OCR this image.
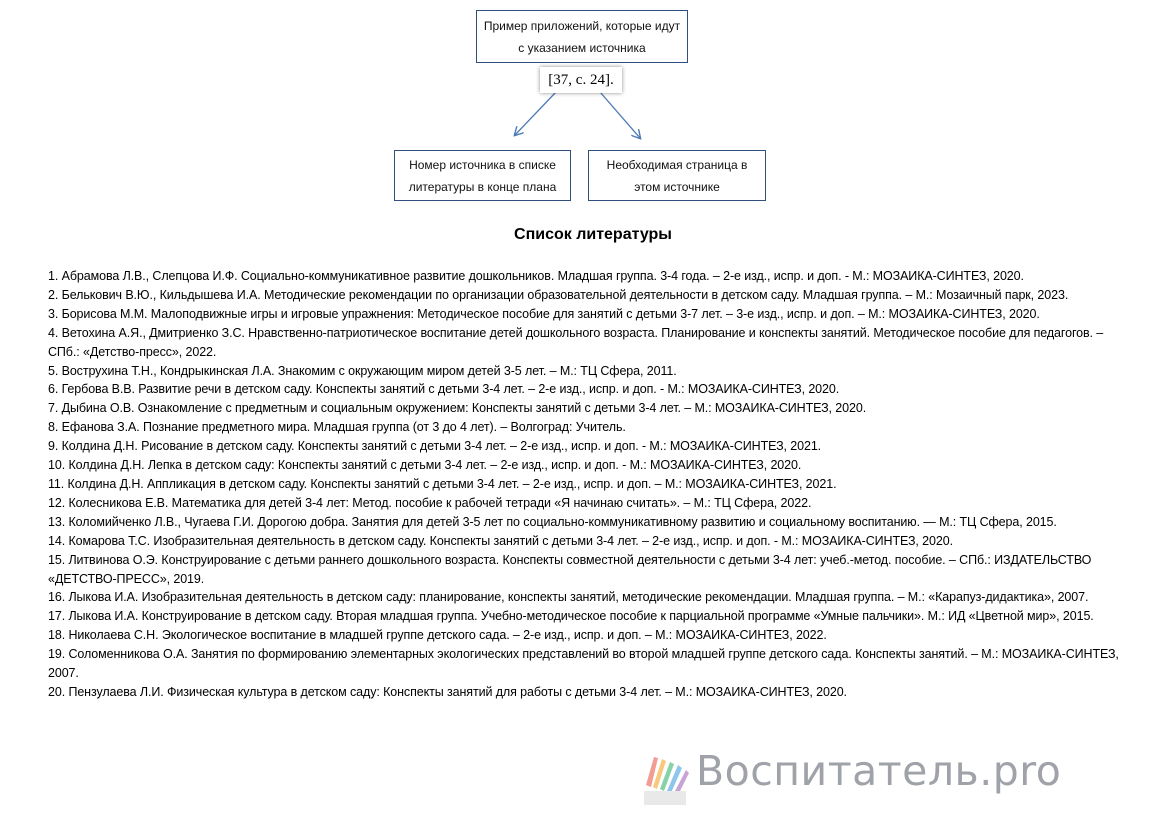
Пример приложений, которые идут с указанием источника
[37, с. 24].
Номер источника в списке литературы в конце плана
Необходимая страница в этом источнике
Список литературы

1. Абрамова Л.В., Слепцова И.Ф. Социально-коммуникативное развитие дошкольников. Младшая группа. 3-4 года. – 2-е изд., испр. и доп. - М.: МОЗАИКА-СИНТЕЗ, 2020.

2. Белькович В.Ю., Кильдышева И.А. Методические рекомендации по организации образовательной деятельности в детском саду. Младшая группа. – М.: Мозаичный парк, 2023.

3. Борисова М.М. Малоподвижные игры и игровые упражнения: Методическое пособие для занятий с детьми 3-7 лет. – 3-е изд., испр. и доп. – М.: МОЗАИКА-СИНТЕЗ, 2020.

4. Ветохина А.Я., Дмитриенко З.С. Нравственно-патриотическое воспитание детей дошкольного возраста. Планирование и конспекты занятий. Методическое пособие для педагогов. – СПб.: «Детство-пресс», 2022.

5. Вострухина Т.Н., Кондрыкинская Л.А. Знакомим с окружающим миром детей 3-5 лет. – М.: ТЦ Сфера, 2011.

6. Гербова В.В. Развитие речи в детском саду. Конспекты занятий с детьми 3-4 лет. – 2-е изд., испр. и доп. - М.: МОЗАИКА-СИНТЕЗ, 2020.

7. Дыбина О.В. Ознакомление с предметным и социальным окружением: Конспекты занятий с детьми 3-4 лет. – М.: МОЗАИКА-СИНТЕЗ, 2020.

8. Ефанова З.А. Познание предметного мира. Младшая группа (от 3 до 4 лет). – Волгоград: Учитель.

9. Колдина Д.Н. Рисование в детском саду. Конспекты занятий с детьми 3-4 лет. – 2-е изд., испр. и доп. - М.: МОЗАИКА-СИНТЕЗ, 2021.

10. Колдина Д.Н. Лепка в детском саду: Конспекты занятий с детьми 3-4 лет. – 2-е изд., испр. и доп. - М.: МОЗАИКА-СИНТЕЗ, 2020.

11. Колдина Д.Н. Аппликация в детском саду. Конспекты занятий с детьми 3-4 лет. – 2-е изд., испр. и доп. – М.: МОЗАИКА-СИНТЕЗ, 2021.

12. Колесникова Е.В. Математика для детей 3-4 лет: Метод. пособие к рабочей тетради «Я начинаю считать». – М.: ТЦ Сфера, 2022.

13. Коломийченко Л.В., Чугаева Г.И. Дорогою добра. Занятия для детей 3-5 лет по социально-коммуникативному развитию и социальному воспитанию. — М.: ТЦ Сфера, 2015.

14. Комарова Т.С. Изобразительная деятельность в детском саду. Конспекты занятий с детьми 3-4 лет. – 2-е изд., испр. и доп. - М.: МОЗАИКА-СИНТЕЗ, 2020.

15. Литвинова О.Э. Конструирование с детьми раннего дошкольного возраста. Конспекты совместной деятельности с детьми 3-4 лет: учеб.-метод. пособие. – СПб.: ИЗДАТЕЛЬСТВО «ДЕТСТВО-ПРЕСС», 2019.

16. Лыкова И.А. Изобразительная деятельность в детском саду: планирование, конспекты занятий, методические рекомендации. Младшая группа. – М.: «Карапуз-дидактика», 2007.

17. Лыкова И.А. Конструирование в детском саду. Вторая младшая группа. Учебно-методическое пособие к парциальной программе «Умные пальчики». М.: ИД «Цветной мир», 2015.

18. Николаева С.Н. Экологическое воспитание в младшей группе детского сада. – 2-е изд., испр. и доп. – М.: МОЗАИКА-СИНТЕЗ, 2022.

19. Соломенникова О.А. Занятия по формированию элементарных экологических представлений во второй младшей группе детского сада. Конспекты занятий. – М.: МОЗАИКА-СИНТЕЗ, 2007.

20. Пензулаева Л.И. Физическая культура в детском саду: Конспекты занятий для работы с детьми 3-4 лет. – М.: МОЗАИКА-СИНТЕЗ, 2020.

Воспитатель.pro
